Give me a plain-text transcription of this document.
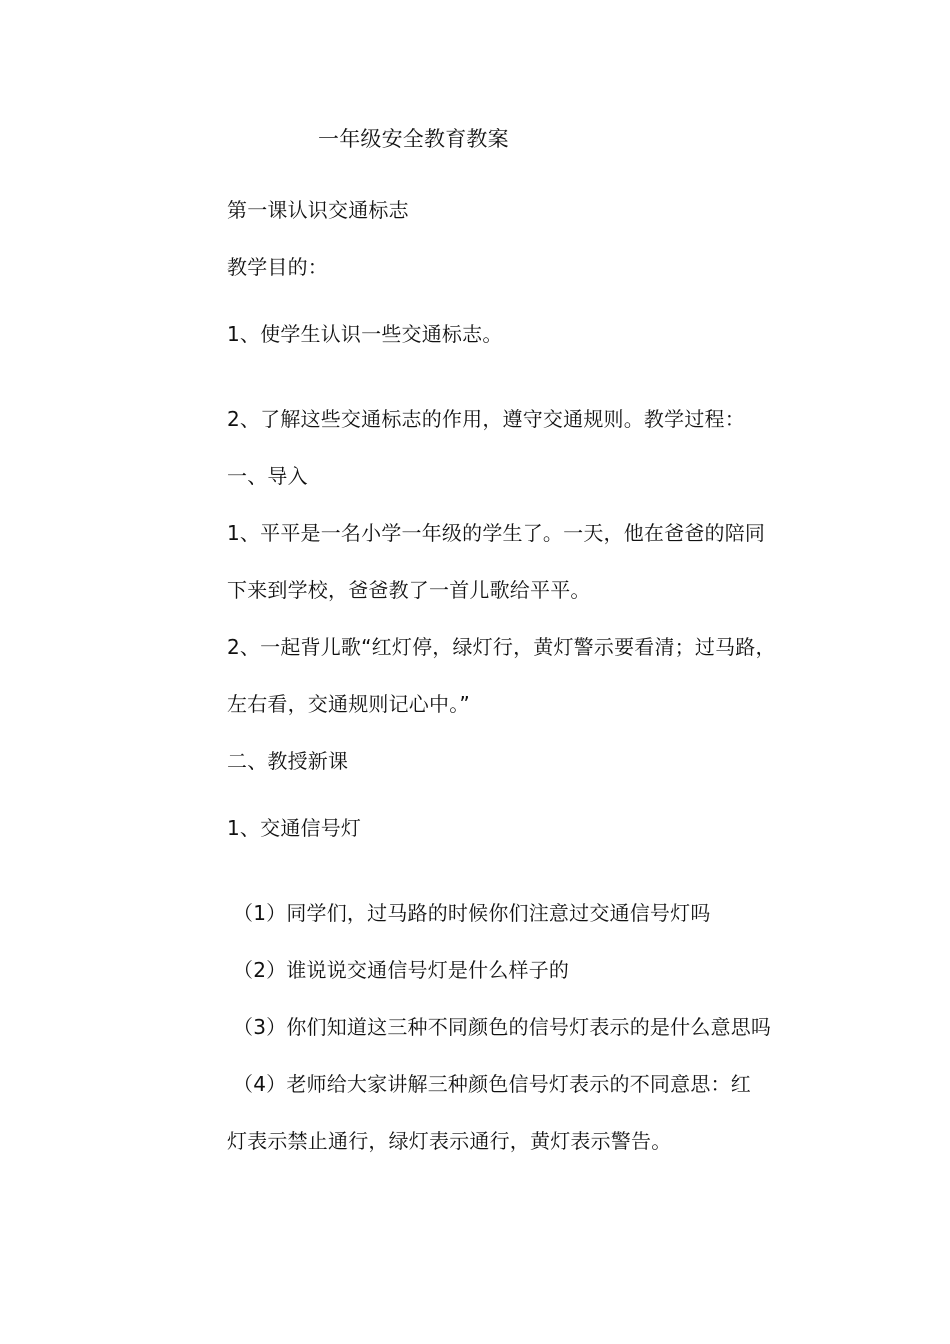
一年级安全教育教案
第一课认识交通标志
教学目的：
1、使学生认识一些交通标志。
2、了解这些交通标志的作用，遵守交通规则。教学过程：
一、导入
1、平平是一名小学一年级的学生了。一天，他在爸爸的陪同
下来到学校，爸爸教了一首儿歌给平平。
2、一起背儿歌“红灯停，绿灯行，黄灯警示要看清；过马路，
左右看，交通规则记心中。”
二、教授新课
1、交通信号灯
（1）同学们，过马路的时候你们注意过交通信号灯吗
（2）谁说说交通信号灯是什么样子的
（3）你们知道这三种不同颜色的信号灯表示的是什么意思吗
（4）老师给大家讲解三种颜色信号灯表示的不同意思：红
灯表示禁止通行，绿灯表示通行，黄灯表示警告。
